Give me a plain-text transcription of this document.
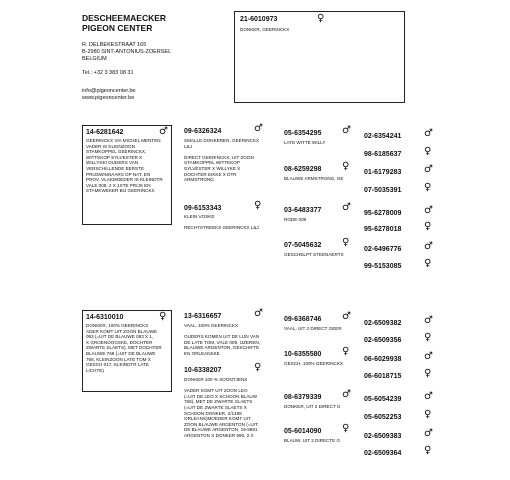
DESCHEEMAECKER
PIGEON CENTER
R. DELBEKESTRAAT 165
B-2980 SINT-ANTONIUS-ZOERSEL
BELGIUM
Tel.: +32 3 383 08 31
info@pigeoncenter.be
www.pigeoncenter.be
21-6010973	♀
DONKER, GEERINCKX
14-6281642	♂
GEERINCKX VIA MICHEL MENTEN
VADER IS KLEINZOON
STAMKOPPEL GEERINCKX,
WITTEKOP SYLVESTER X
WILLYKE! OUDERS VAN
VERSCHILLENDE EERSTE
PRIJSWINNAARS OP NAT. EN
PROV. VLAKMOEDER IS KLEINDTR
VALE 009, 2 X 1STE PRIJS EN
STAMKWEKER BIJ GEERINCKX
09-6326324	♂
SMALLE DONKEREN, GEERINCKX
L&J

DIRECT GEERINCKX, UIT ZOON
STAMKOPPEL WITTEKOP
SYLVESTER X WILLYKE X
DOCHTER EIKKE X DTR
ARMSTRONG
09-6153343	♀
KLEIN VOSKE

RECHTSTREEKS GEERINCKX L&J
05-6354295 ♂
LATE WITTE WILLY
08-6259298 ♀
BLAUWE ARMSTRONG, GE
03-6483377 ♂
RODE 009
07-5045632 ♀
GESCHELPT STEENAERTS
02-6354241 ♂
98-6185637 ♀
01-6179283 ♂
07-5035391 ♀
95-6278009 ♂
95-6278018 ♀
02-6496776 ♂
99-5153085 ♀
14-6310010	♀
DONKER, 100% GEERINCKX
ADER KOMT UIT ZOON BLAUWE
093 (=UIT DE BLAUWE 093 X 1,
X GROENOOGSKE, DOCHTER
ZWARTE SLAETS), MET DOCHTER
BLAUWE 768 (=UIT DE BLAUWE
768, KLEINZOON LATE TOM X
GESCH 017, KLEINDTR LATE
LICHTE)
13-6316657	♂
VAAL, 100% GEERINCKX

OUDERS KOMEN UIT DE LIJN VAN
DE LATE TOM, VALE 009, IJZEREN,
BLAUWE ARGENTON, GESCHIFTE
EN ORLEANSKE
10-6338207	♀
DONKER 100 % SOONTJENS

VADER KOMT UIT ZOON LEO
(=UIT DE LEO X SCHOON BLAUW
768), MET DE ZWARTE SLAETS
(=UIT DE ZWARTE SLAETS X
SCHOON DONKER, 2/1489
ORLEANS)MOEDER KOMT UIT
ZOON BLAUWE ARGENTON (=UIT
DE BLAUWE ARGENTON, 19-9681
ARGENTON X DONKER 690, 2 X
09-6368746 ♂
VAAL, UIT 2 DIRECT GEER
10-6355580 ♀
GESCH, 100% GEERINCKX
08-6379339 ♂
DONKER, UIT 2 DIRECT G
05-6014090 ♀
BLAUW, UIT 2 DIRECTE G
02-6509382 ♂
02-6509356 ♀
06-6029938 ♂
06-6018715 ♀
05-6054239 ♂
05-6052253 ♀
02-6509383 ♂
02-6509364 ♀
